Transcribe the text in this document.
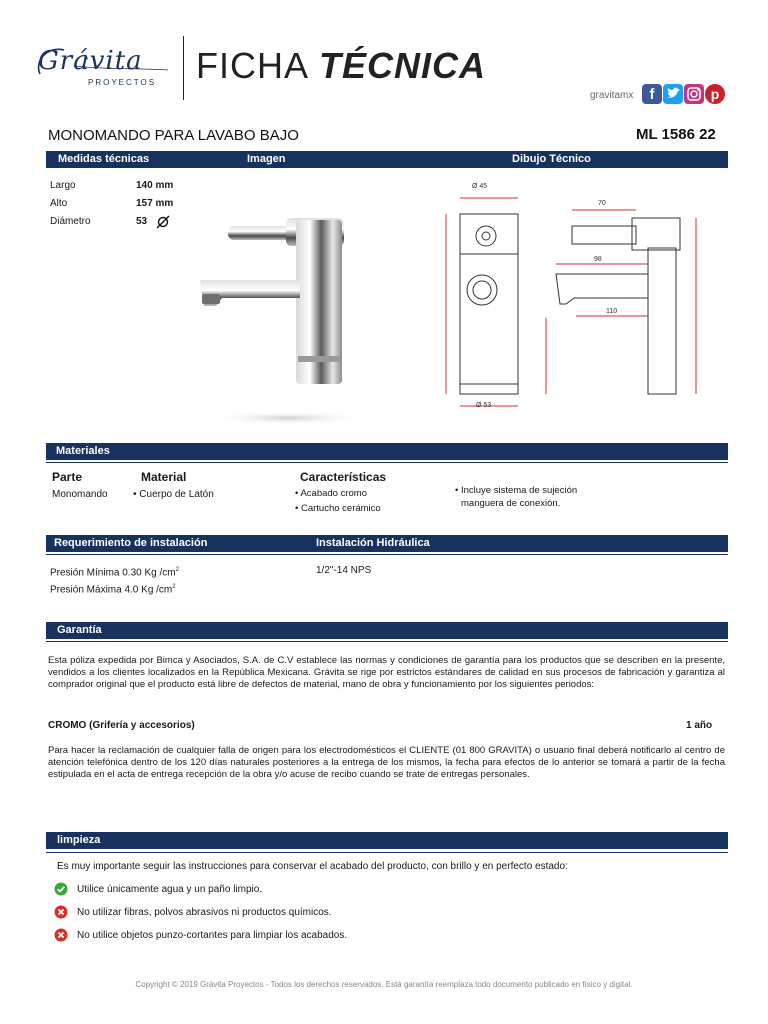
Grávita
PROYECTOS FICHA TÉCNICA
gravitamx	f	p
MONOMANDO PARA LAVABO BAJO	ML 1586 22
Medidas técnicas	Imagen	Dibujo Técnico
Largo	140 mm
Alto	157 mm
Diámetro	53
Ø 45
70
98
110
Ø 53
Materiales
Parte	Material	Características
Monomando	• Cuerpo de Latón	• Acabado cromo
• Cartucho cerámico
• Incluye sistema de sujeción
manguera de conexión.
Requerimiento de instalación	Instalación Hidráulica
Presión Mínima 0.30 Kg $/cm^2$
Presión Máxima 4.0 Kg $/cm^2$
1/2"-14 NPS
Garantía
Esta póliza expedida por Bimca y Asociados, S.A. de C.V establece las normas y condiciones de garantía para los productos que se describen en la presente, vendidos a los clientes localizados en la República Mexicana. Grávita se rige por estrictos estándares de calidad en sus procesos de fabricación y garantiza al comprador original que el producto está libre de defectos de material, mano de obra y funcionamiento por los siguientes periodos:
CROMO (Grifería y accesorios)	1 año
Para hacer la reclamación de cualquier falla de origen para los electrodomésticos el CLIENTE (01 800 GRAVITA) o usuario final deberá notificarlo al centro de atención telefónica dentro de los 120 días naturales posteriores a la entrega de los mismos, la fecha para efectos de lo anterior se tomará a partir de la fecha estipulada en el acta de entrega recepción de la obra y/o acuse de recibo cuando se trate de entregas personales.
limpieza
Es muy importante seguir las instrucciones para conservar el acabado del producto, con brillo y en perfecto estado:
Utilice únicamente agua y un paño limpio.
No utilizar fibras, polvos abrasivos ni productos químicos.
No utilice objetos punzo-cortantes para limpiar los acabados.
Copyright © 2019 Grávita Proyectos - Todos los derechos reservados. Está garantía reemplaza todo documento publicado en físico y digital.
